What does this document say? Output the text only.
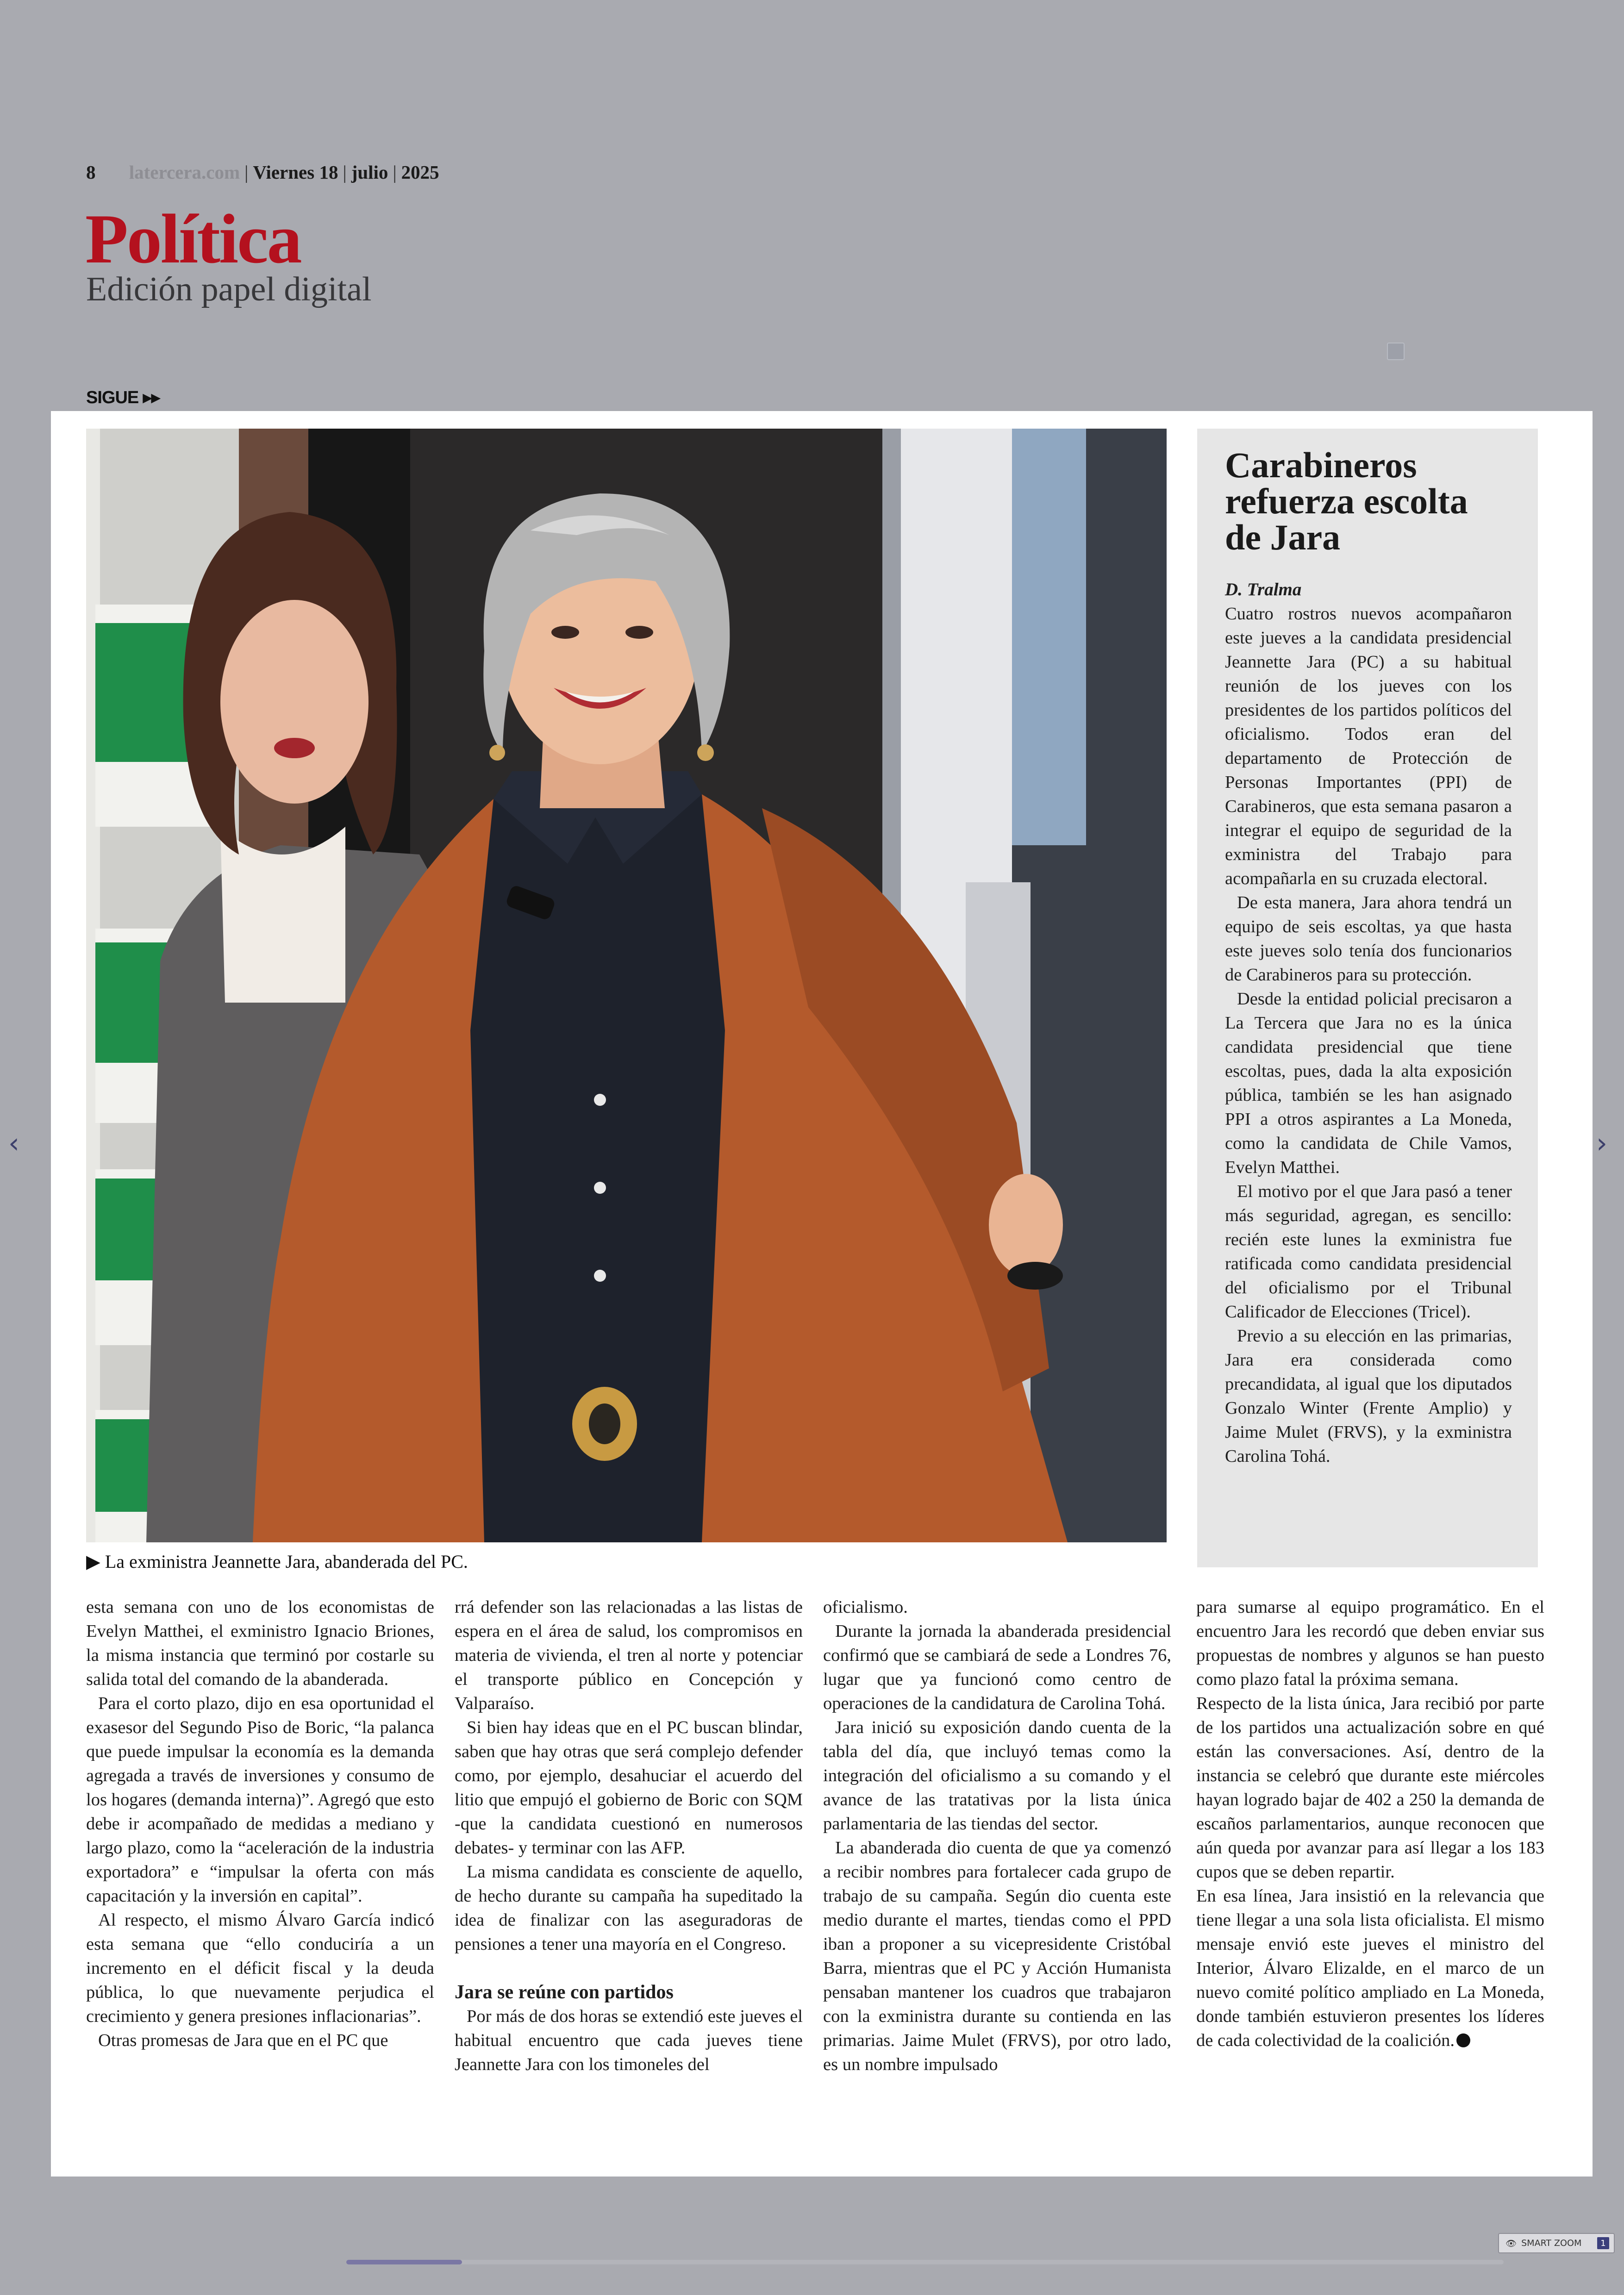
8 latercera.com | Viernes 18 | julio | 2025
Política
Edición papel digital
SIGUE ▸▸
▶ La exministra Jeannette Jara, abanderada del PC.
Carabineros refuerza escolta de Jara
D. Tralma

Cuatro rostros nuevos acompañaron este jueves a la candidata presidencial Jeannette Jara (PC) a su habitual reunión de los jueves con los presidentes de los partidos políticos del oficialismo. Todos eran del departamento de Protección de Personas Importantes (PPI) de Carabineros, que esta semana pasaron a integrar el equipo de seguridad de la exministra del Trabajo para acompañarla en su cruzada electoral.

De esta manera, Jara ahora tendrá un equipo de seis escoltas, ya que hasta este jueves solo tenía dos funcionarios de Carabineros para su protección.

Desde la entidad policial precisaron a La Tercera que Jara no es la única candidata presidencial que tiene escoltas, pues, dada la alta exposición pública, también se les han asignado PPI a otros aspirantes a La Moneda, como la candidata de Chile Vamos, Evelyn Matthei.

El motivo por el que Jara pasó a tener más seguridad, agregan, es sencillo: recién este lunes la exministra fue ratificada como candidata presidencial del oficialismo por el Tribunal Calificador de Elecciones (Tricel).

Previo a su elección en las primarias, Jara era considerada como precandidata, al igual que los diputados Gonzalo Winter (Frente Amplio) y Jaime Mulet (FRVS), y la exministra Carolina Tohá.

esta semana con uno de los economistas de Evelyn Matthei, el exministro Ignacio Briones, la misma instancia que terminó por costarle su salida total del comando de la abanderada.

Para el corto plazo, dijo en esa oportunidad el exasesor del Segundo Piso de Boric, “la palanca que puede impulsar la economía es la demanda agregada a través de inversiones y consumo de los hogares (demanda interna)”. Agregó que esto debe ir acompañado de medidas a mediano y largo plazo, como la “aceleración de la industria exportadora” e “impulsar la oferta con más capacitación y la inversión en capital”.

Al respecto, el mismo Álvaro García indicó esta semana que “ello conduciría a un incremento en el déficit fiscal y la deuda pública, lo que nuevamente perjudica el crecimiento y genera presiones inflacionarias”.

Otras promesas de Jara que en el PC que

rrá defender son las relacionadas a las listas de espera en el área de salud, los compromisos en materia de vivienda, el tren al norte y potenciar el transporte público en Concepción y Valparaíso.

Si bien hay ideas que en el PC buscan blindar, saben que hay otras que será complejo defender como, por ejemplo, desahuciar el acuerdo del litio que empujó el gobierno de Boric con SQM -que la candidata cuestionó en numerosos debates- y terminar con las AFP.

La misma candidata es consciente de aquello, de hecho durante su campaña ha supeditado la idea de finalizar con las aseguradoras de pensiones a tener una mayoría en el Congreso.

Jara se reúne con partidos

Por más de dos horas se extendió este jueves el habitual encuentro que cada jueves tiene Jeannette Jara con los timoneles del

oficialismo.

Durante la jornada la abanderada presidencial confirmó que se cambiará de sede a Londres 76, lugar que ya funcionó como centro de operaciones de la candidatura de Carolina Tohá.

Jara inició su exposición dando cuenta de la tabla del día, que incluyó temas como la integración del oficialismo a su comando y el avance de las tratativas por la lista única parlamentaria de las tiendas del sector.

La abanderada dio cuenta de que ya comenzó a recibir nombres para fortalecer cada grupo de trabajo de su campaña. Según dio cuenta este medio durante el martes, tiendas como el PPD iban a proponer a su vicepresidente Cristóbal Barra, mientras que el PC y Acción Humanista pensaban mantener los cuadros que trabajaron con la exministra durante su contienda en las primarias. Jaime Mulet (FRVS), por otro lado, es un nombre impulsado

para sumarse al equipo programático. En el encuentro Jara les recordó que deben enviar sus propuestas de nombres y algunos se han puesto como plazo fatal la próxima semana.

Respecto de la lista única, Jara recibió por parte de los partidos una actualización sobre en qué están las conversaciones. Así, dentro de la instancia se celebró que durante este miércoles hayan logrado bajar de 402 a 250 la demanda de escaños parlamentarios, aunque reconocen que aún queda por avanzar para así llegar a los 183 cupos que se deben repartir.

En esa línea, Jara insistió en la relevancia que tiene llegar a una sola lista oficialista. El mismo mensaje envió este jueves el ministro del Interior, Álvaro Elizalde, en el marco de un nuevo comité político ampliado en La Moneda, donde también estuvieron presentes los líderes de cada colectividad de la coalición.

‹	›
👁 SMART ZOOM	1
